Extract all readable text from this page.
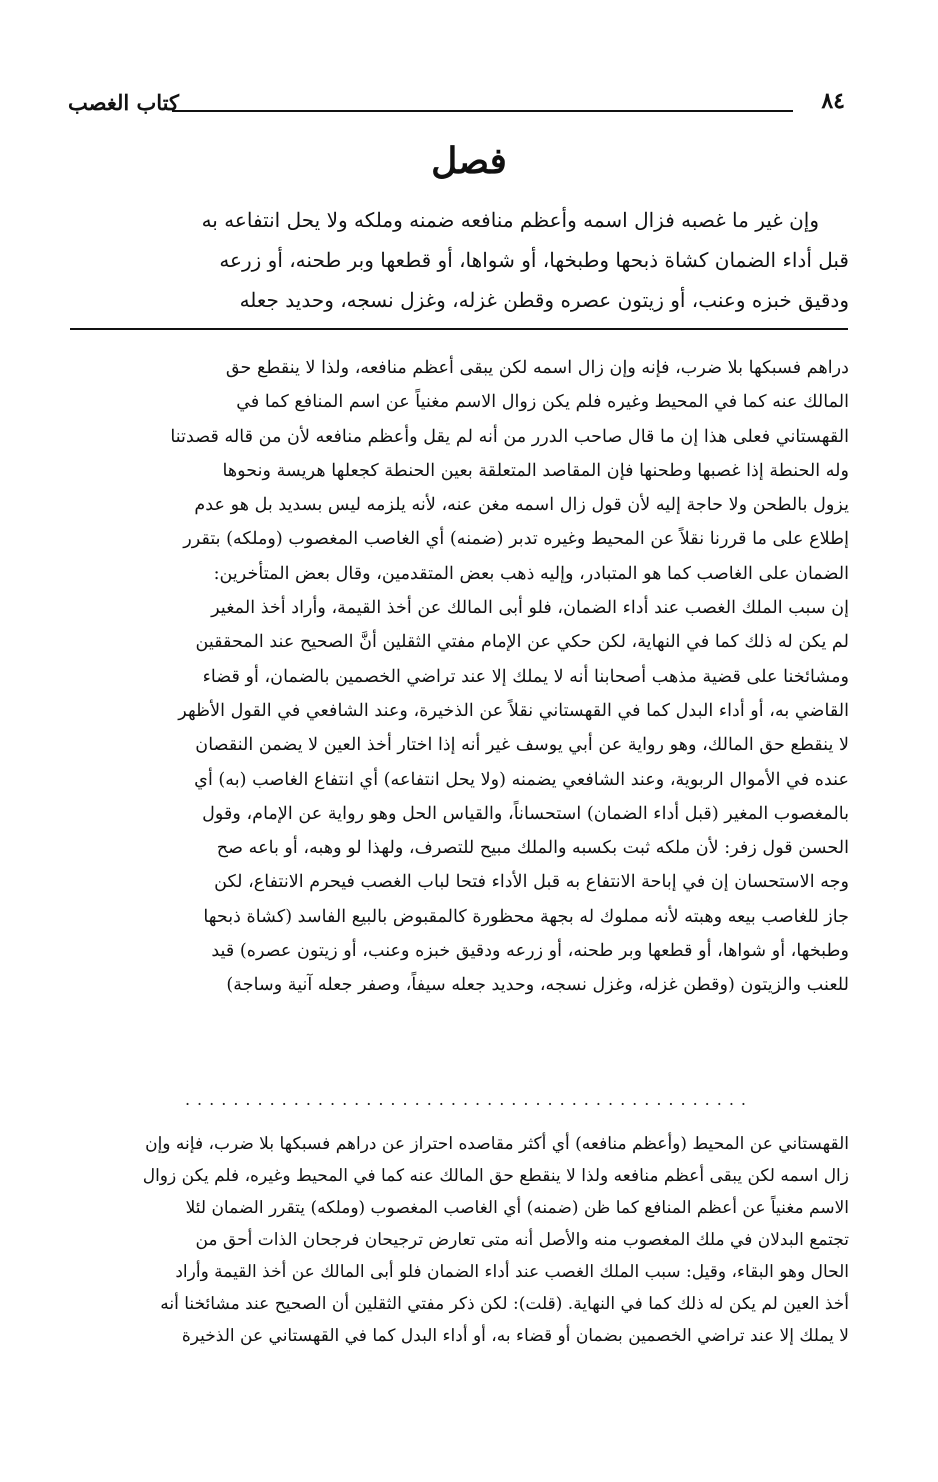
كتاب الغصب	٨٤
فصل
وإن غير ما غصبه فزال اسمه وأعظم منافعه ضمنه وملكه ولا يحل انتفاعه به
قبل أداء الضمان كشاة ذبحها وطبخها، أو شواها، أو قطعها وبر طحنه، أو زرعه
ودقيق خبزه وعنب، أو زيتون عصره وقطن غزله، وغزل نسجه، وحديد جعله
دراهم فسبكها بلا ضرب، فإنه وإن زال اسمه لكن يبقى أعظم منافعه، ولذا لا ينقطع حق
المالك عنه كما في المحيط وغيره فلم يكن زوال الاسم مغنياً عن اسم المنافع كما في
القهستاني فعلى هذا إن ما قال صاحب الدرر من أنه لم يقل وأعظم منافعه لأن من قاله قصدتنا
وله الحنطة إذا غصبها وطحنها فإن المقاصد المتعلقة بعين الحنطة كجعلها هريسة ونحوها
يزول بالطحن ولا حاجة إليه لأن قول زال اسمه مغن عنه، لأنه يلزمه ليس بسديد بل هو عدم
إطلاع على ما قررنا نقلاً عن المحيط وغيره تدبر (ضمنه) أي الغاصب المغصوب (وملكه) بتقرر
الضمان على الغاصب كما هو المتبادر، وإليه ذهب بعض المتقدمين، وقال بعض المتأخرين:
إن سبب الملك الغصب عند أداء الضمان، فلو أبى المالك عن أخذ القيمة، وأراد أخذ المغير
لم يكن له ذلك كما في النهاية، لكن حكي عن الإمام مفتي الثقلين أنَّ الصحيح عند المحققين
ومشائخنا على قضية مذهب أصحابنا أنه لا يملك إلا عند تراضي الخصمين بالضمان، أو قضاء
القاضي به، أو أداء البدل كما في القهستاني نقلاً عن الذخيرة، وعند الشافعي في القول الأظهر
لا ينقطع حق المالك، وهو رواية عن أبي يوسف غير أنه إذا اختار أخذ العين لا يضمن النقصان
عنده في الأموال الربوية، وعند الشافعي يضمنه (ولا يحل انتفاعه) أي انتفاع الغاصب (به) أي
بالمغصوب المغير (قبل أداء الضمان) استحساناً، والقياس الحل وهو رواية عن الإمام، وقول
الحسن قول زفر: لأن ملكه ثبت بكسبه والملك مبيح للتصرف، ولهذا لو وهبه، أو باعه صح
وجه الاستحسان إن في إباحة الانتفاع به قبل الأداء فتحا لباب الغصب فيحرم الانتفاع، لكن
جاز للغاصب بيعه وهبته لأنه مملوك له بجهة محظورة كالمقبوض بالبيع الفاسد (كشاة ذبحها
وطبخها، أو شواها، أو قطعها وبر طحنه، أو زرعه ودقيق خبزه وعنب، أو زيتون عصره) قيد
للعنب والزيتون (وقطن غزله، وغزل نسجه، وحديد جعله سيفاً، وصفر جعله آنية وساجة)
...............................................
القهستاني عن المحيط (وأعظم منافعه) أي أكثر مقاصده احتراز عن دراهم فسبكها بلا ضرب، فإنه وإن
زال اسمه لكن يبقى أعظم منافعه ولذا لا ينقطع حق المالك عنه كما في المحيط وغيره، فلم يكن زوال
الاسم مغنياً عن أعظم المنافع كما ظن (ضمنه) أي الغاصب المغصوب (وملكه) يتقرر الضمان لئلا
تجتمع البدلان في ملك المغصوب منه والأصل أنه متى تعارض ترجيحان فرجحان الذات أحق من
الحال وهو البقاء، وقيل: سبب الملك الغصب عند أداء الضمان فلو أبى المالك عن أخذ القيمة وأراد
أخذ العين لم يكن له ذلك كما في النهاية. (قلت): لكن ذكر مفتي الثقلين أن الصحيح عند مشائخنا أنه
لا يملك إلا عند تراضي الخصمين بضمان أو قضاء به، أو أداء البدل كما في القهستاني عن الذخيرة
